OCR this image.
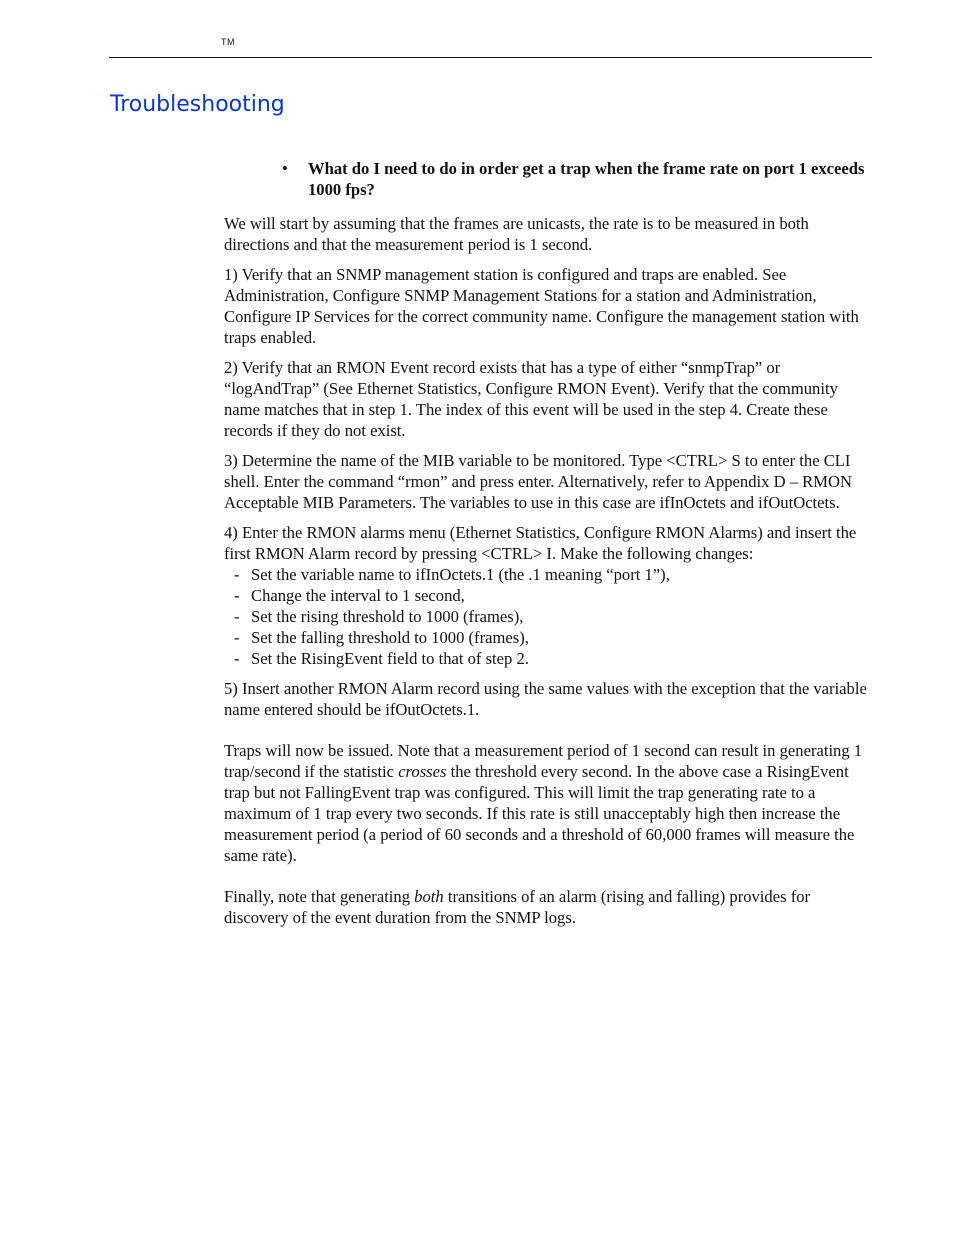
TM
Troubleshooting
• What do I need to do in order get a trap when the frame rate on port 1 exceeds 1000 fps?

We will start by assuming that the frames are unicasts, the rate is to be measured in both directions and that the measurement period is 1 second.

1) Verify that an SNMP management station is configured and traps are enabled. See Administration, Configure SNMP Management Stations for a station and Administration, Configure IP Services for the correct community name. Configure the management station with traps enabled.

2) Verify that an RMON Event record exists that has a type of either “snmpTrap” or “logAndTrap” (See Ethernet Statistics, Configure RMON Event). Verify that the community name matches that in step 1. The index of this event will be used in the step 4. Create these records if they do not exist.

3) Determine the name of the MIB variable to be monitored. Type <CTRL> S to enter the CLI shell. Enter the command “rmon” and press enter. Alternatively, refer to Appendix D – RMON Acceptable MIB Parameters. The variables to use in this case are ifInOctets and ifOutOctets.

4) Enter the RMON alarms menu (Ethernet Statistics, Configure RMON Alarms) and insert the first RMON Alarm record by pressing <CTRL> I. Make the following changes:

- Set the variable name to ifInOctets.1 (the .1 meaning “port 1”),
- Change the interval to 1 second,
- Set the rising threshold to 1000 (frames),
- Set the falling threshold to 1000 (frames),
- Set the RisingEvent field to that of step 2.

5) Insert another RMON Alarm record using the same values with the exception that the variable name entered should be ifOutOctets.1.

Traps will now be issued. Note that a measurement period of 1 second can result in generating 1 trap/second if the statistic crosses the threshold every second. In the above case a RisingEvent trap but not FallingEvent trap was configured. This will limit the trap generating rate to a maximum of 1 trap every two seconds. If this rate is still unacceptably high then increase the measurement period (a period of 60 seconds and a threshold of 60,000 frames will measure the same rate).

Finally, note that generating both transitions of an alarm (rising and falling) provides for discovery of the event duration from the SNMP logs.
